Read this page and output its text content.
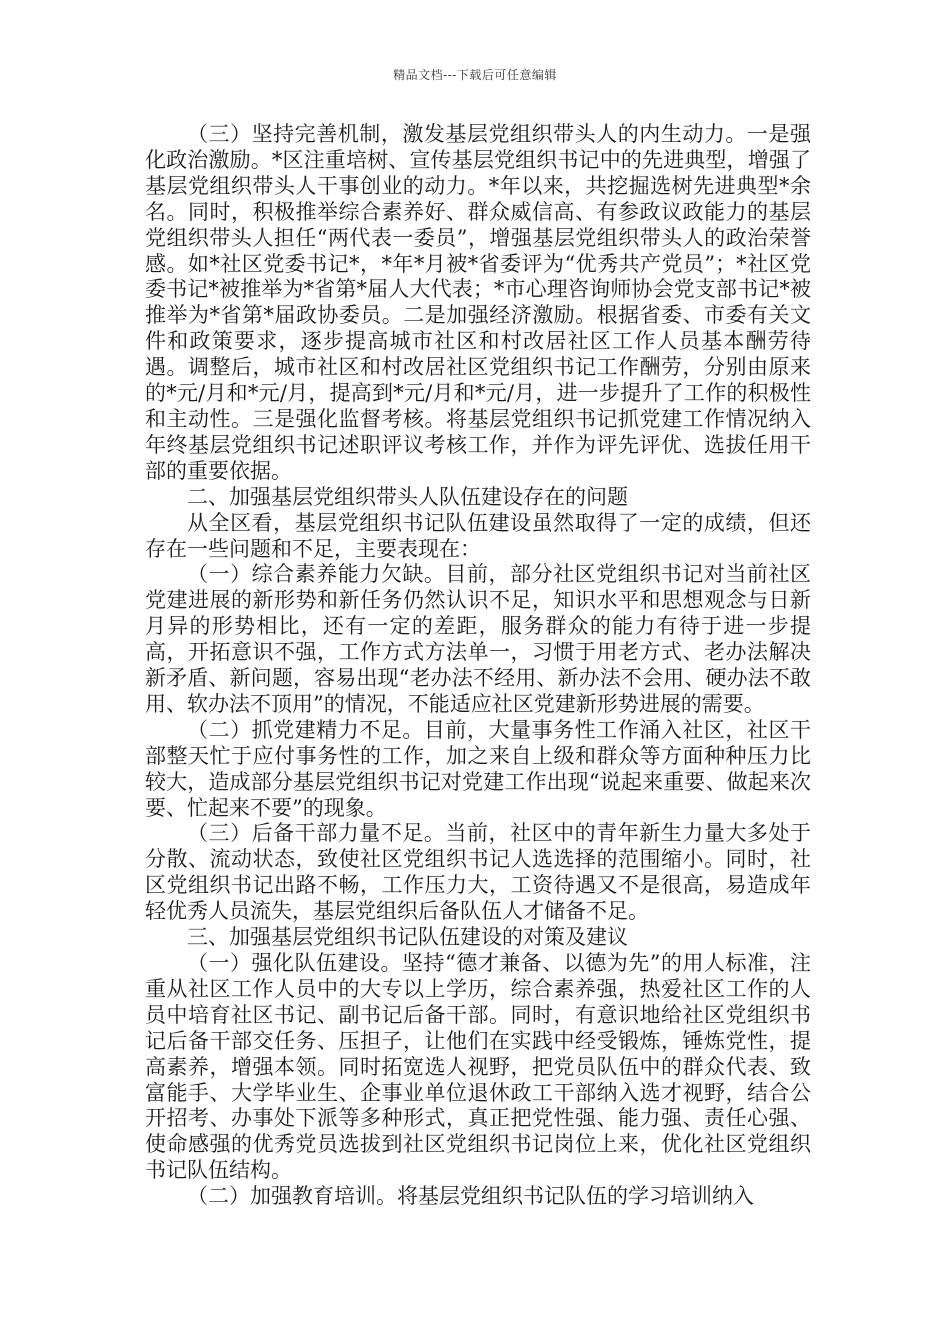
精品文档---下载后可任意编辑

（三）坚持完善机制，激发基层党组织带头人的内生动力。一是强化政治激励。*区注重培树、宣传基层党组织书记中的先进典型，增强了基层党组织带头人干事创业的动力。*年以来，共挖掘选树先进典型*余名。同时，积极推举综合素养好、群众威信高、有参政议政能力的基层党组织带头人担任“两代表一委员”，增强基层党组织带头人的政治荣誉感。如*社区党委书记*，*年*月被*省委评为“优秀共产党员”；*社区党委书记*被推举为*省第*届人大代表；*市心理咨询师协会党支部书记*被推举为*省第*届政协委员。二是加强经济激励。根据省委、市委有关文件和政策要求，逐步提高城市社区和村改居社区工作人员基本酬劳待遇。调整后，城市社区和村改居社区党组织书记工作酬劳，分别由原来的*元/月和*元/月，提高到*元/月和*元/月，进一步提升了工作的积极性和主动性。三是强化监督考核。将基层党组织书记抓党建工作情况纳入年终基层党组织书记述职评议考核工作，并作为评先评优、选拔任用干部的重要依据。

二、加强基层党组织带头人队伍建设存在的问题

从全区看，基层党组织书记队伍建设虽然取得了一定的成绩，但还存在一些问题和不足，主要表现在：

（一）综合素养能力欠缺。目前，部分社区党组织书记对当前社区党建进展的新形势和新任务仍然认识不足，知识水平和思想观念与日新月异的形势相比，还有一定的差距，服务群众的能力有待于进一步提高，开拓意识不强，工作方式方法单一，习惯于用老方式、老办法解决新矛盾、新问题，容易出现“老办法不经用、新办法不会用、硬办法不敢用、软办法不顶用”的情况，不能适应社区党建新形势进展的需要。

（二）抓党建精力不足。目前，大量事务性工作涌入社区，社区干部整天忙于应付事务性的工作，加之来自上级和群众等方面种种压力比较大，造成部分基层党组织书记对党建工作出现“说起来重要、做起来次要、忙起来不要”的现象。

（三）后备干部力量不足。当前，社区中的青年新生力量大多处于分散、流动状态，致使社区党组织书记人选选择的范围缩小。同时，社区党组织书记出路不畅，工作压力大，工资待遇又不是很高，易造成年轻优秀人员流失，基层党组织后备队伍人才储备不足。

三、加强基层党组织书记队伍建设的对策及建议

（一）强化队伍建设。坚持“德才兼备、以德为先”的用人标准，注重从社区工作人员中的大专以上学历，综合素养强，热爱社区工作的人员中培育社区书记、副书记后备干部。同时，有意识地给社区党组织书记后备干部交任务、压担子，让他们在实践中经受锻炼，锤炼党性，提高素养，增强本领。同时拓宽选人视野，把党员队伍中的群众代表、致富能手、大学毕业生、企事业单位退休政工干部纳入选才视野，结合公开招考、办事处下派等多种形式，真正把党性强、能力强、责任心强、使命感强的优秀党员选拔到社区党组织书记岗位上来，优化社区党组织书记队伍结构。

（二）加强教育培训。将基层党组织书记队伍的学习培训纳入
